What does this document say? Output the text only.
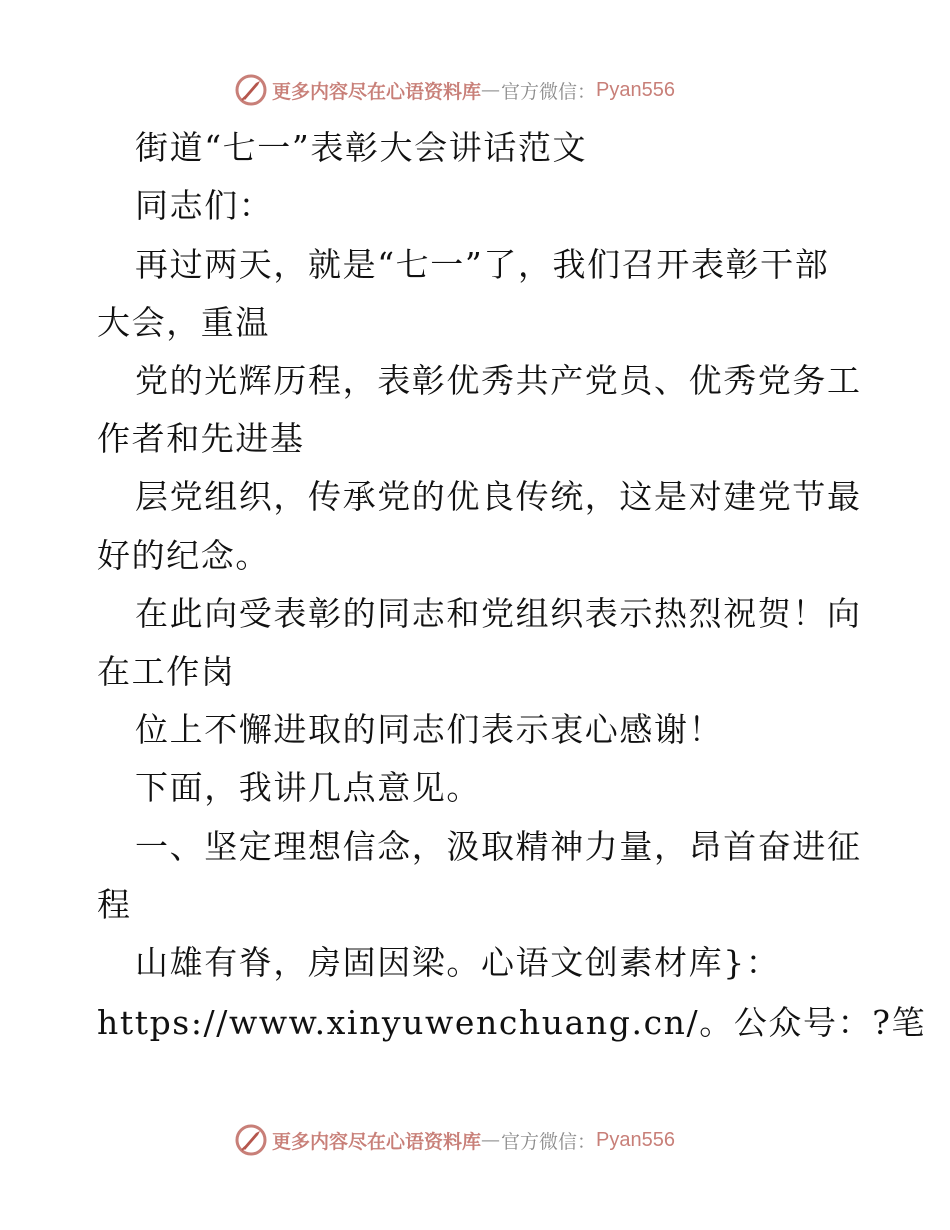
更多内容尽在心语资料库 — 官方微信： Pyan556
街道“七一”表彰大会讲话范文
同志们：
再过两天，就是“七一”了，我们召开表彰干部
大会，重温
党的光辉历程，表彰优秀共产党员、优秀党务工
作者和先进基
层党组织，传承党的优良传统，这是对建党节最
好的纪念。
在此向受表彰的同志和党组织表示热烈祝贺！向
在工作岗
位上不懈进取的同志们表示衷心感谢！
下面，我讲几点意见。
一、坚定理想信念，汲取精神力量，昂首奋进征
程
山雄有脊，房固因梁。心语文创素材库}：
https://www.xinyuwenchuang.cn/。公众号：?笔
更多内容尽在心语资料库 — 官方微信： Pyan556
